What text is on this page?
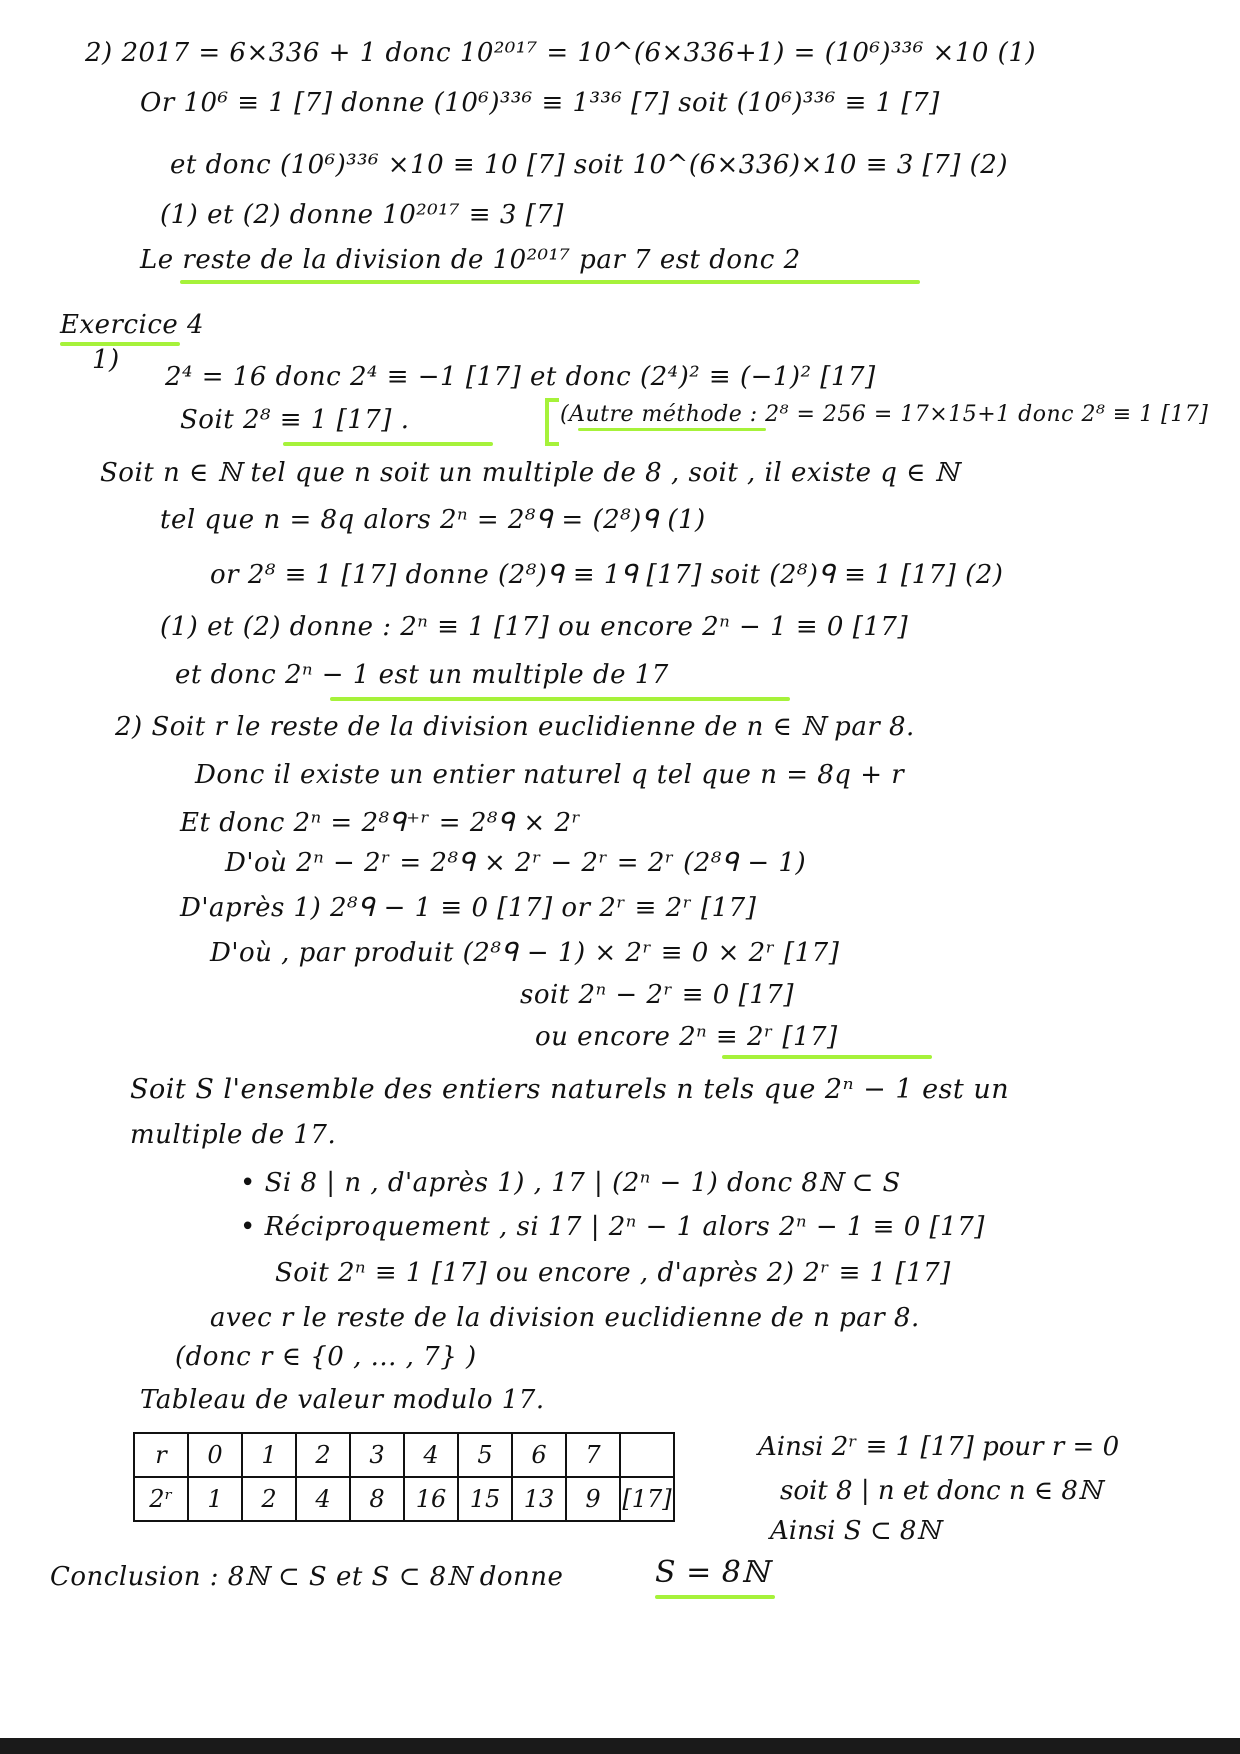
2) 2017 = 6×336 + 1 donc 10²⁰¹⁷ = 10^(6×336+1) = (10⁶)³³⁶ ×10 (1)
Or 10⁶ ≡ 1 [7] donne (10⁶)³³⁶ ≡ 1³³⁶ [7] soit (10⁶)³³⁶ ≡ 1 [7]
et donc (10⁶)³³⁶ ×10 ≡ 10 [7] soit 10^(6×336)×10 ≡ 3 [7] (2)
(1) et (2) donne 10²⁰¹⁷ ≡ 3 [7]
Le reste de la division de 10²⁰¹⁷ par 7 est donc 2
Exercice 4
1)
2⁴ = 16 donc 2⁴ ≡ −1 [17] et donc (2⁴)² ≡ (−1)² [17]
Soit 2⁸ ≡ 1 [17] .	(Autre méthode : 2⁸ = 256 = 17×15+1 donc 2⁸ ≡ 1 [17]
Soit n ∈ ℕ tel que n soit un multiple de 8 , soit , il existe q ∈ ℕ
tel que n = 8q alors 2ⁿ = 2⁸ᑫ = (2⁸)ᑫ (1)
or 2⁸ ≡ 1 [17] donne (2⁸)ᑫ ≡ 1ᑫ [17] soit (2⁸)ᑫ ≡ 1 [17] (2)
(1) et (2) donne : 2ⁿ ≡ 1 [17] ou encore 2ⁿ − 1 ≡ 0 [17]
et donc 2ⁿ − 1 est un multiple de 17
2) Soit r le reste de la division euclidienne de n ∈ ℕ par 8.
Donc il existe un entier naturel q tel que n = 8q + r
Et donc 2ⁿ = 2⁸ᑫ⁺ʳ = 2⁸ᑫ × 2ʳ
D'où 2ⁿ − 2ʳ = 2⁸ᑫ × 2ʳ − 2ʳ = 2ʳ (2⁸ᑫ − 1)
D'après 1) 2⁸ᑫ − 1 ≡ 0 [17] or 2ʳ ≡ 2ʳ [17]
D'où , par produit (2⁸ᑫ − 1) × 2ʳ ≡ 0 × 2ʳ [17]
soit 2ⁿ − 2ʳ ≡ 0 [17]
ou encore 2ⁿ ≡ 2ʳ [17]
Soit S l'ensemble des entiers naturels n tels que 2ⁿ − 1 est un
multiple de 17.
• Si 8 | n , d'après 1) , 17 | (2ⁿ − 1) donc 8ℕ ⊂ S
• Réciproquement , si 17 | 2ⁿ − 1 alors 2ⁿ − 1 ≡ 0 [17]
Soit 2ⁿ ≡ 1 [17] ou encore , d'après 2) 2ʳ ≡ 1 [17]
avec r le reste de la division euclidienne de n par 8.
(donc r ∈ {0 , ... , 7} )
Tableau de valeur modulo 17.
r	0	1	2	3	4	5	6	7	
2ʳ	1	2	4	8	16	15	13	9	[17]
Ainsi 2ʳ ≡ 1 [17] pour r = 0
soit 8 | n et donc n ∈ 8ℕ
Ainsi S ⊂ 8ℕ
Conclusion : 8ℕ ⊂ S et S ⊂ 8ℕ donne	S = 8ℕ
